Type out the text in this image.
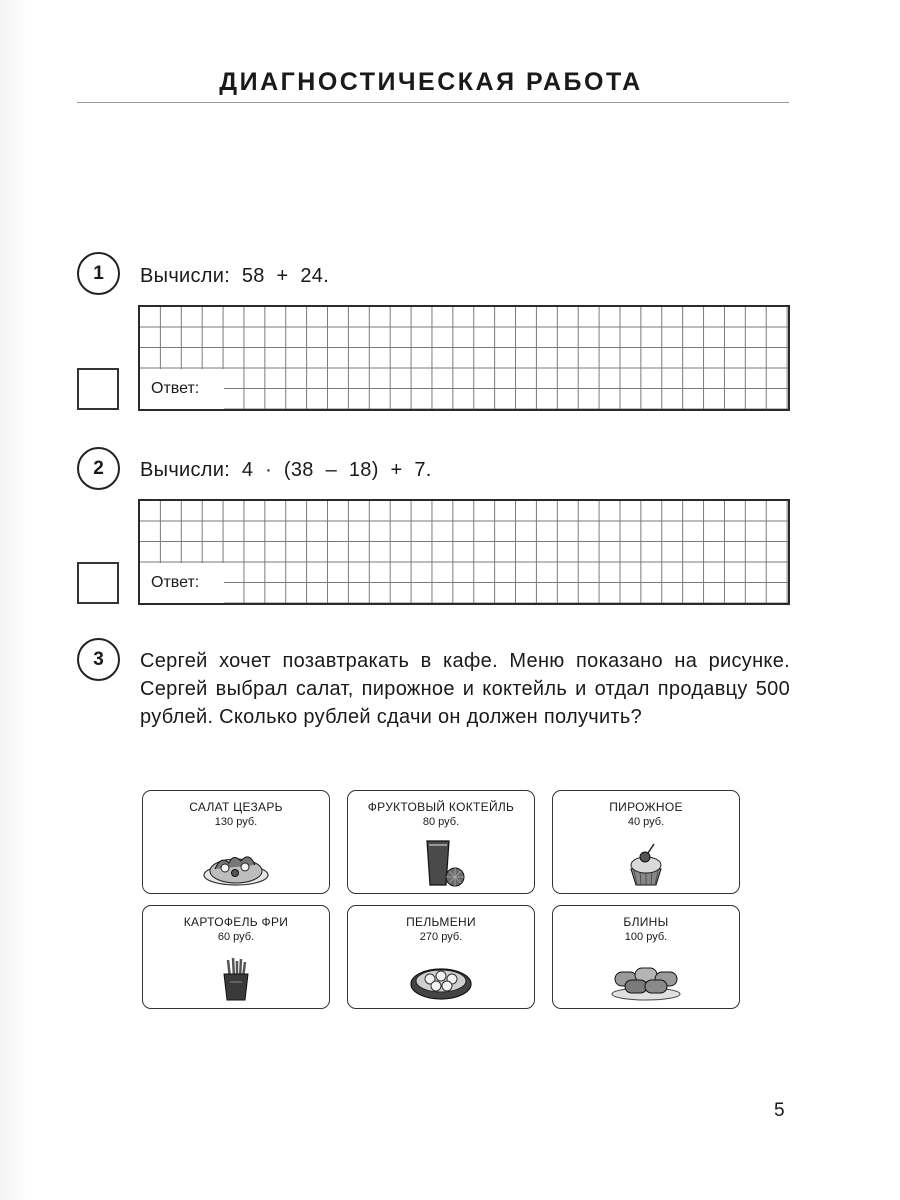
ДИАГНОСТИЧЕСКАЯ РАБОТА
1	Вычисли: 58 + 24.
Ответ:
2	Вычисли: 4 · (38 – 18) + 7.
Ответ:
3	Сергей хочет позавтракать в кафе. Меню показано на рисунке. Сергей выбрал салат, пирожное и коктейль и отдал продавцу 500 рублей. Сколько рублей сдачи он должен получить?
САЛАТ ЦЕЗАРЬ
130 руб.
ФРУКТОВЫЙ КОКТЕЙЛЬ
80 руб.
ПИРОЖНОЕ
40 руб.
КАРТОФЕЛЬ ФРИ
60 руб.
ПЕЛЬМЕНИ
270 руб.
БЛИНЫ
100 руб.
5
